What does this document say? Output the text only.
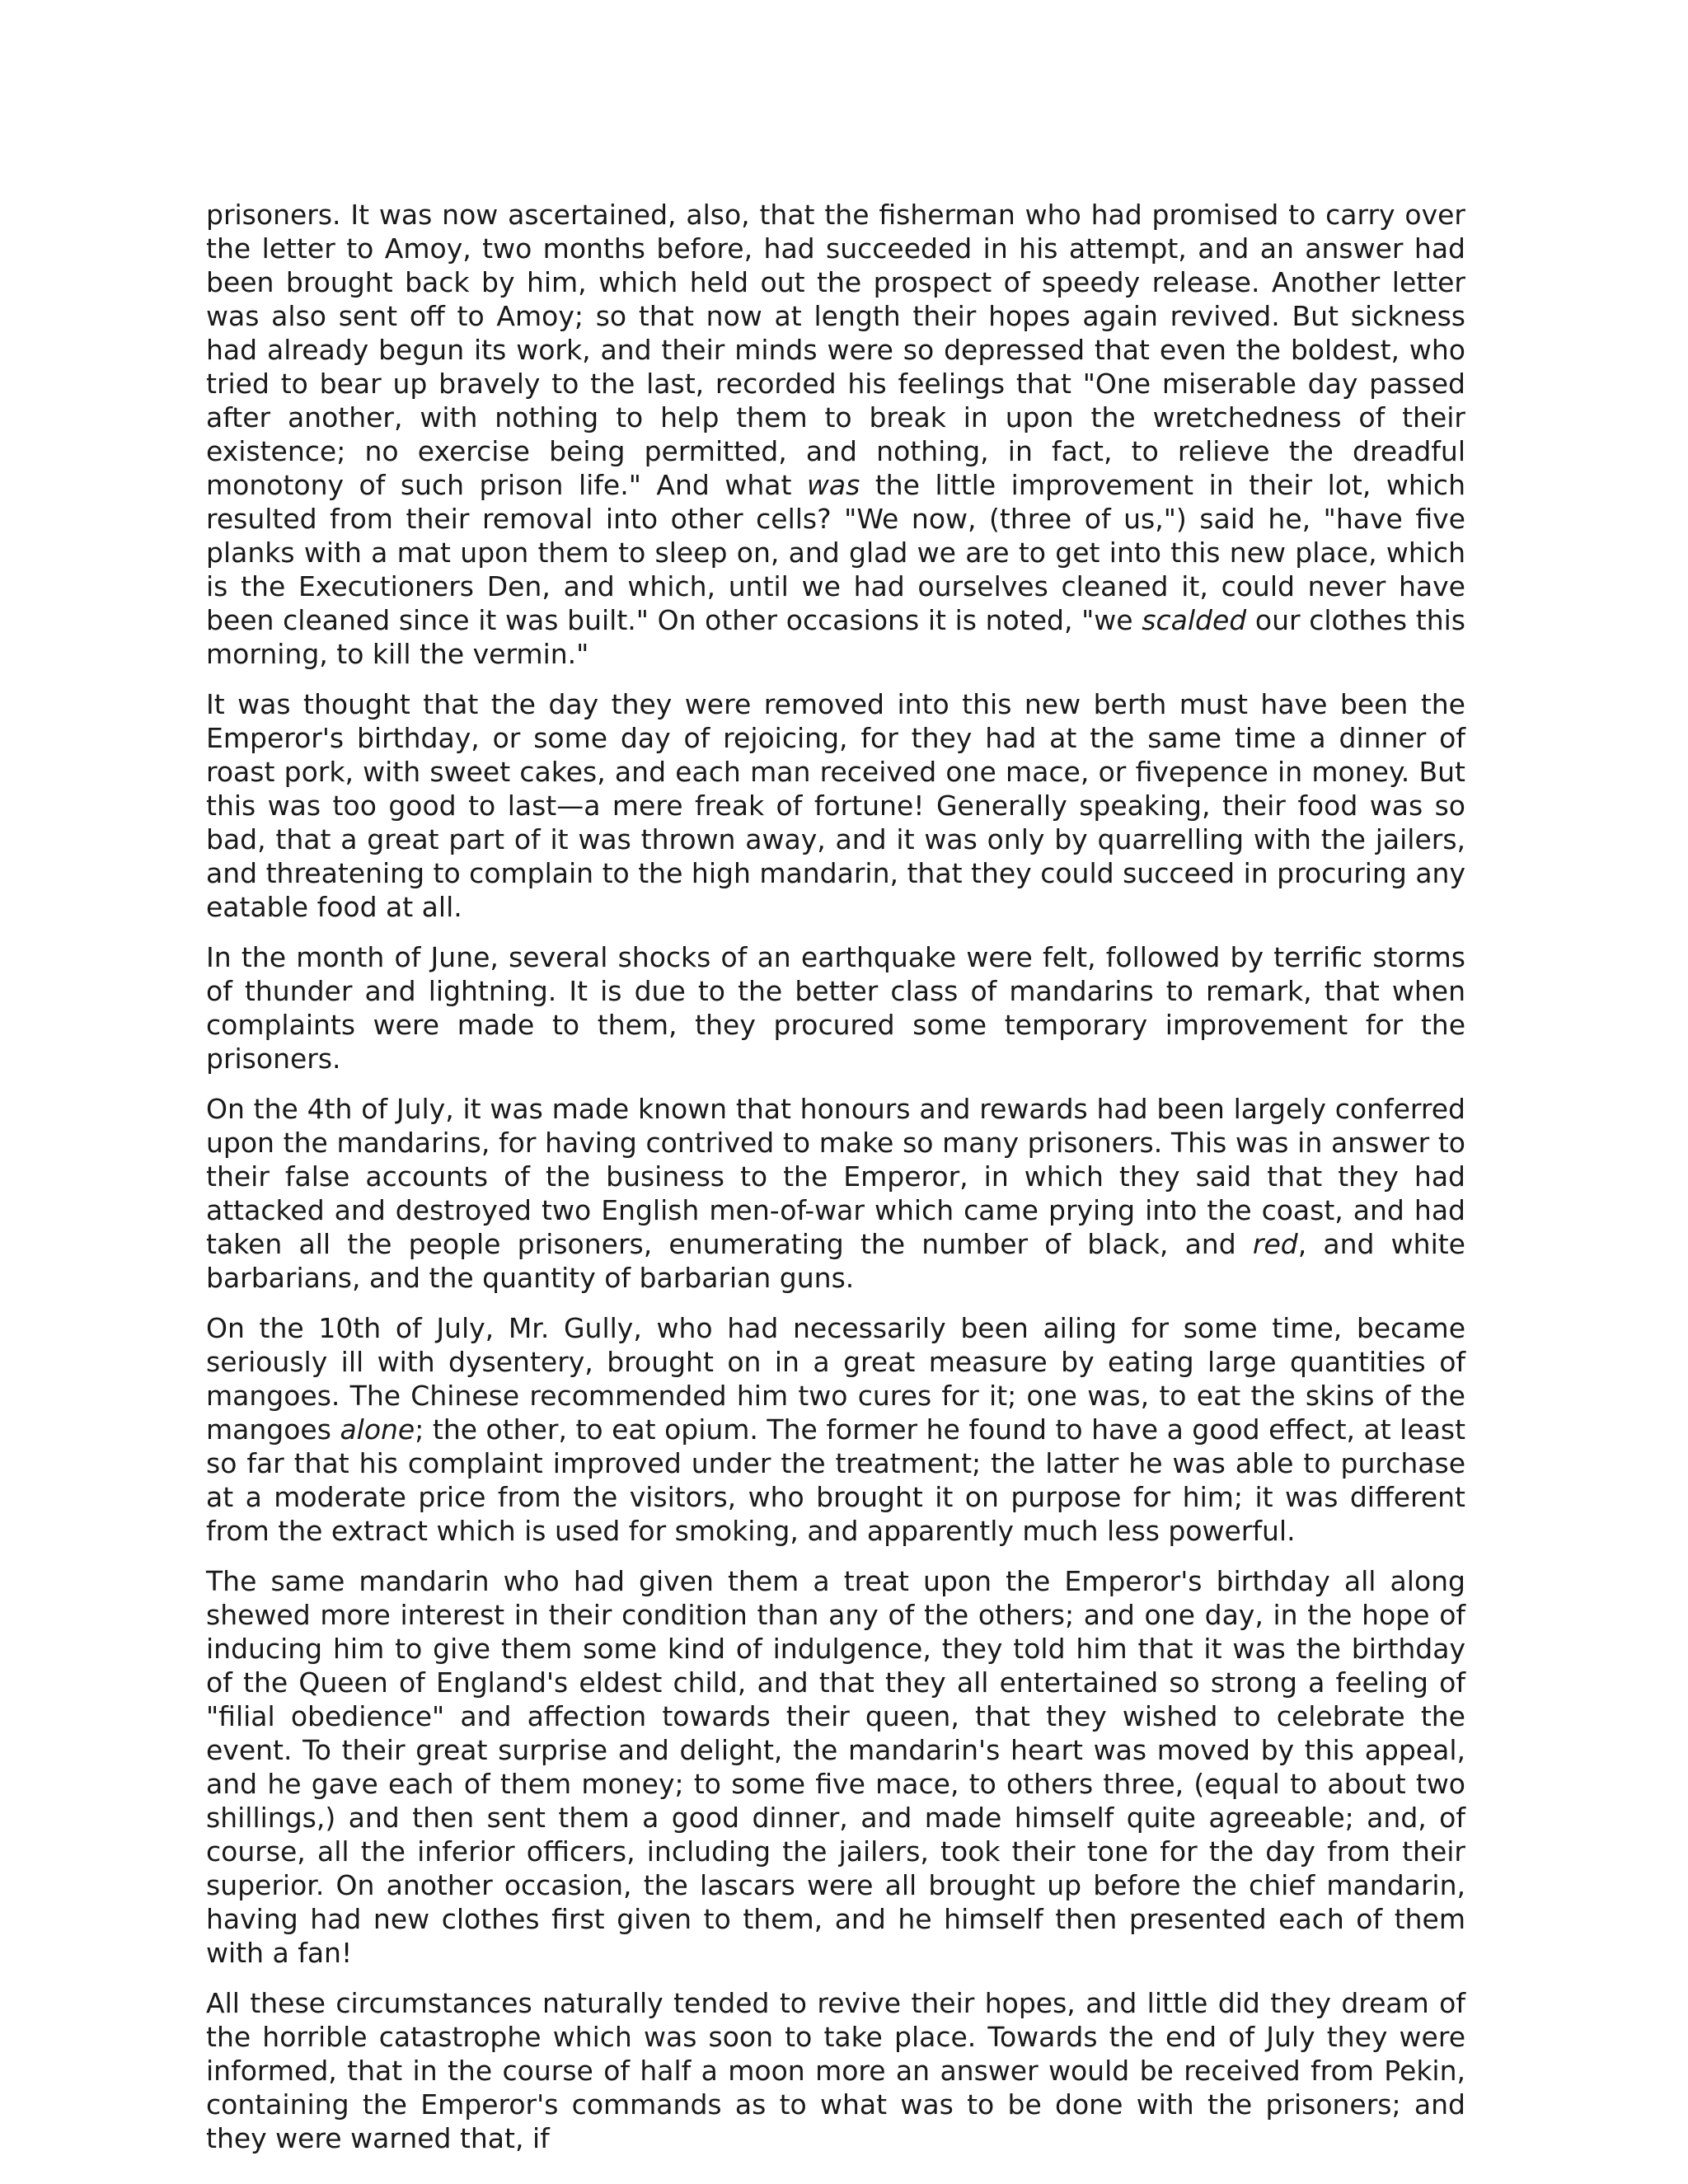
prisoners. It was now ascertained, also, that the fisherman who had promised to carry over the letter to Amoy, two months before, had succeeded in his attempt, and an answer had been brought back by him, which held out the prospect of speedy release. Another letter was also sent off to Amoy; so that now at length their hopes again revived. But sickness had already begun its work, and their minds were so depressed that even the boldest, who tried to bear up bravely to the last, recorded his feelings that "One miserable day passed after another, with nothing to help them to break in upon the wretchedness of their existence; no exercise being permitted, and nothing, in fact, to relieve the dreadful monotony of such prison life." And what was the little improvement in their lot, which resulted from their removal into other cells? "We now, (three of us,") said he, "have five planks with a mat upon them to sleep on, and glad we are to get into this new place, which is the Executioners Den, and which, until we had ourselves cleaned it, could never have been cleaned since it was built." On other occasions it is noted, "we scalded our clothes this morning, to kill the vermin."

It was thought that the day they were removed into this new berth must have been the Emperor's birthday, or some day of rejoicing, for they had at the same time a dinner of roast pork, with sweet cakes, and each man received one mace, or fivepence in money. But this was too good to last—a mere freak of fortune! Generally speaking, their food was so bad, that a great part of it was thrown away, and it was only by quarrelling with the jailers, and threatening to complain to the high mandarin, that they could succeed in procuring any eatable food at all.

In the month of June, several shocks of an earthquake were felt, followed by terrific storms of thunder and lightning. It is due to the better class of mandarins to remark, that when complaints were made to them, they procured some temporary improvement for the prisoners.

On the 4th of July, it was made known that honours and rewards had been largely conferred upon the mandarins, for having contrived to make so many prisoners. This was in answer to their false accounts of the business to the Emperor, in which they said that they had attacked and destroyed two English men-of-war which came prying into the coast, and had taken all the people prisoners, enumerating the number of black, and red, and white barbarians, and the quantity of barbarian guns.

On the 10th of July, Mr. Gully, who had necessarily been ailing for some time, became seriously ill with dysentery, brought on in a great measure by eating large quantities of mangoes. The Chinese recommended him two cures for it; one was, to eat the skins of the mangoes alone; the other, to eat opium. The former he found to have a good effect, at least so far that his complaint improved under the treatment; the latter he was able to purchase at a moderate price from the visitors, who brought it on purpose for him; it was different from the extract which is used for smoking, and apparently much less powerful.

The same mandarin who had given them a treat upon the Emperor's birthday all along shewed more interest in their condition than any of the others; and one day, in the hope of inducing him to give them some kind of indulgence, they told him that it was the birthday of the Queen of England's eldest child, and that they all entertained so strong a feeling of "filial obedience" and affection towards their queen, that they wished to celebrate the event. To their great surprise and delight, the mandarin's heart was moved by this appeal, and he gave each of them money; to some five mace, to others three, (equal to about two shillings,) and then sent them a good dinner, and made himself quite agreeable; and, of course, all the inferior officers, including the jailers, took their tone for the day from their superior. On another occasion, the lascars were all brought up before the chief mandarin, having had new clothes first given to them, and he himself then presented each of them with a fan!

All these circumstances naturally tended to revive their hopes, and little did they dream of the horrible catastrophe which was soon to take place. Towards the end of July they were informed, that in the course of half a moon more an answer would be received from Pekin, containing the Emperor's commands as to what was to be done with the prisoners; and they were warned that, if
